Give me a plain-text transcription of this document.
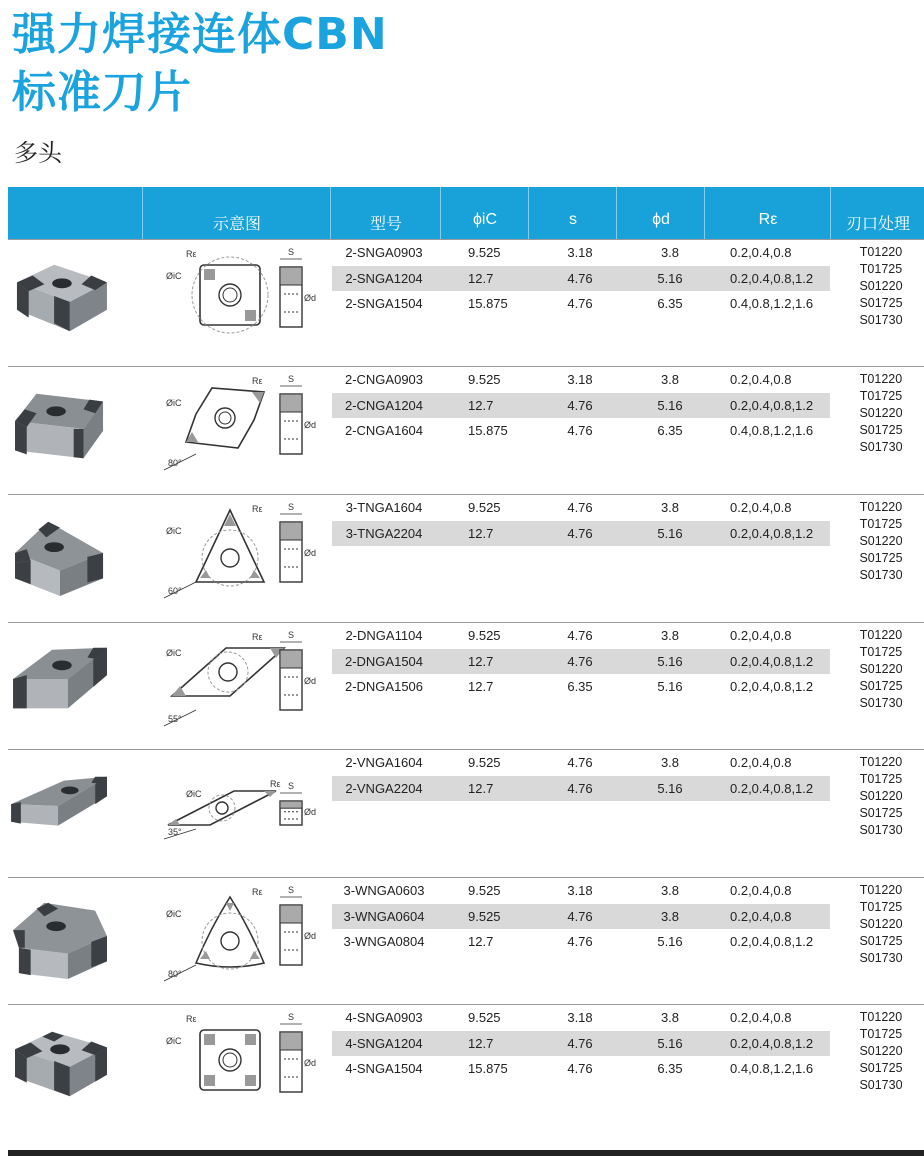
强力焊接连体CBN
标准刀片
多头
示意图	型号	ϕiC	s	ϕd	Rε	刃口处理
Rε
ØiC
S
Ød
2-SNGA0903	9.525	3.18	3.8	0.2,0.4,0.8
2-SNGA1204	12.7	4.76	5.16	0.2,0.4,0.8,1.2
2-SNGA1504	15.875	4.76	6.35	0.4,0.8,1.2,1.6
T01220
T01725
S01220
S01725
S01730
Rε
ØiC
S
Ød
80°
2-CNGA0903	9.525	3.18	3.8	0.2,0.4,0.8
2-CNGA1204	12.7	4.76	5.16	0.2,0.4,0.8,1.2
2-CNGA1604	15.875	4.76	6.35	0.4,0.8,1.2,1.6
T01220
T01725
S01220
S01725
S01730
Rε
ØiC
S
Ød
60°
3-TNGA1604	9.525	4.76	3.8	0.2,0.4,0.8
3-TNGA2204	12.7	4.76	5.16	0.2,0.4,0.8,1.2
T01220
T01725
S01220
S01725
S01730
Rε
ØiC
S
Ød
55°
2-DNGA1104	9.525	4.76	3.8	0.2,0.4,0.8
2-DNGA1504	12.7	4.76	5.16	0.2,0.4,0.8,1.2
2-DNGA1506	12.7	6.35	5.16	0.2,0.4,0.8,1.2
T01220
T01725
S01220
S01725
S01730
Rε
ØiC
S
Ød
35°
2-VNGA1604	9.525	4.76	3.8	0.2,0.4,0.8
2-VNGA2204	12.7	4.76	5.16	0.2,0.4,0.8,1.2
T01220
T01725
S01220
S01725
S01730
Rε
ØiC
S
Ød
80°
3-WNGA0603	9.525	3.18	3.8	0.2,0.4,0.8
3-WNGA0604	9.525	4.76	3.8	0.2,0.4,0.8
3-WNGA0804	12.7	4.76	5.16	0.2,0.4,0.8,1.2
T01220
T01725
S01220
S01725
S01730
Rε
ØiC
S
Ød
4-SNGA0903	9.525	3.18	3.8	0.2,0.4,0.8
4-SNGA1204	12.7	4.76	5.16	0.2,0.4,0.8,1.2
4-SNGA1504	15.875	4.76	6.35	0.4,0.8,1.2,1.6
T01220
T01725
S01220
S01725
S01730
